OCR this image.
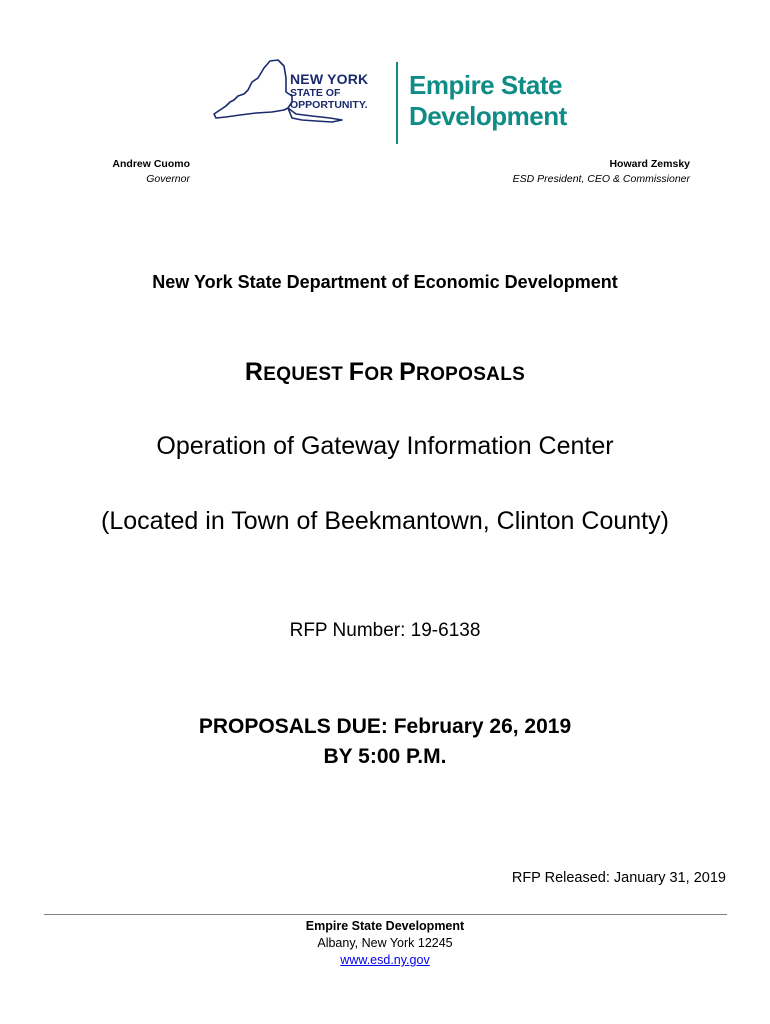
NEW YORK
STATE OF
OPPORTUNITY.
Empire State
Development
Andrew Cuomo
Governor
Howard Zemsky
ESD President, CEO & Commissioner
New York State Department of Economic Development
REQUEST FOR PROPOSALS
Operation of Gateway Information Center
(Located in Town of Beekmantown, Clinton County)
RFP Number: 19-6138
PROPOSALS DUE: February 26, 2019
BY 5:00 P.M.
RFP Released: January 31, 2019
Empire State Development
Albany, New York 12245
www.esd.ny.gov
